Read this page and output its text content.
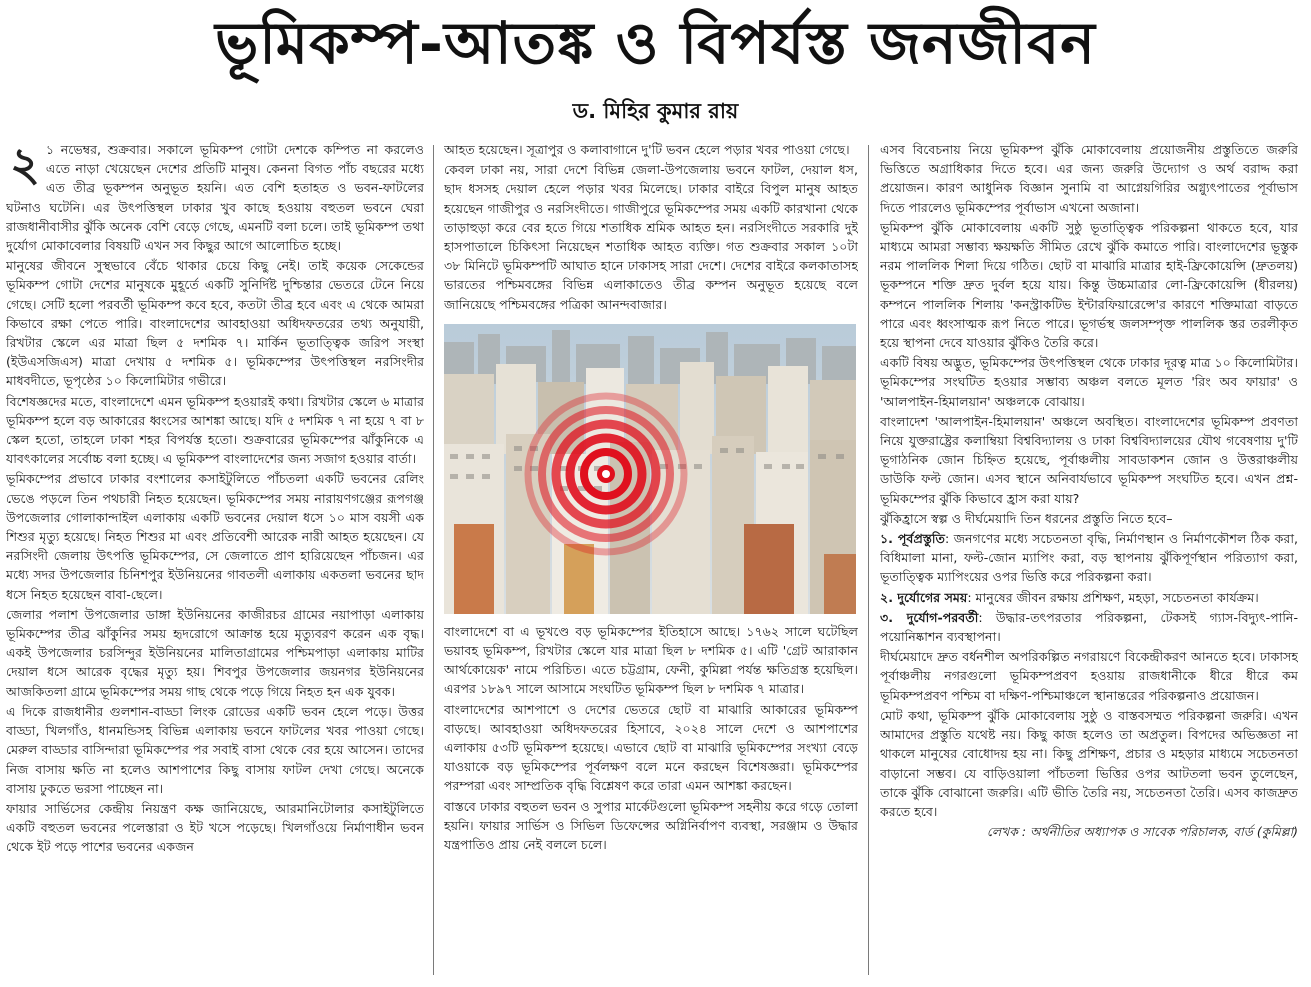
ভূমিকম্প-আতঙ্ক ও বিপর্যস্ত জনজীবন
ড. মিহির কুমার রায়

২ ১ নভেম্বর, শুক্রবার। সকালে ভূমিকম্প গোটা দেশকে কম্পিত না করলেও এতে নাড়া খেয়েছেন দেশের প্রতিটি মানুষ। কেননা বিগত পাঁচ বছরের মধ্যে এত তীব্র ভূকম্পন অনুভূত হয়নি। এত বেশি হতাহত ও ভবন-ফাটলের ঘটনাও ঘটেনি। এর উৎপত্তিস্থল ঢাকার খুব কাছে হওয়ায় বহুতল ভবনে ঘেরা রাজধানীবাসীর ঝুঁকি অনেক বেশি বেড়ে গেছে, এমনটি বলা চলে। তাই ভূমিকম্প তথা দুর্যোগ মোকাবেলার বিষয়টি এখন সব কিছুর আগে আলোচিত হচ্ছে।

মানুষের জীবনে সুস্থভাবে বেঁচে থাকার চেয়ে কিছু নেই। তাই কয়েক সেকেন্ডের ভূমিকম্প গোটা দেশের মানুষকে মুহূর্তে একটি সুনির্দিষ্ট দুশ্চিন্তার ভেতরে টেনে নিয়ে গেছে। সেটি হলো পরবর্তী ভূমিকম্প কবে হবে, কতটা তীব্র হবে এবং এ থেকে আমরা কিভাবে রক্ষা পেতে পারি। বাংলাদেশের আবহাওয়া অধিদফতরের তথ্য অনুযায়ী, রিখটার স্কেলে এর মাত্রা ছিল ৫ দশমিক ৭। মার্কিন ভূতাত্ত্বিক জরিপ সংস্থা (ইউএসজিএস) মাত্রা দেখায় ৫ দশমিক ৫। ভূমিকম্পের উৎপত্তিস্থল নরসিংদীর মাধবদীতে, ভূপৃষ্ঠের ১০ কিলোমিটার গভীরে।

বিশেষজ্ঞদের মতে, বাংলাদেশে এমন ভূমিকম্প হওয়ারই কথা। রিখটার স্কেলে ৬ মাত্রার ভূমিকম্প হলে বড় আকারের ধ্বংসের আশঙ্কা আছে। যদি ৫ দশমিক ৭ না হয়ে ৭ বা ৮ স্কেল হতো, তাহলে ঢাকা শহর বিপর্যস্ত হতো। শুক্রবারের ভূমিকম্পের ঝাঁকুনিকে এ যাবৎকালের সর্বোচ্চ বলা হচ্ছে। এ ভূমিকম্প বাংলাদেশের জন্য সজাগ হওয়ার বার্তা।

ভূমিকম্পের প্রভাবে ঢাকার বংশালের কসাইটুলিতে পাঁচতলা একটি ভবনের রেলিং ভেঙে পড়লে তিন পথচারী নিহত হয়েছেন। ভূমিকম্পের সময় নারায়ণগঞ্জের রূপগঞ্জ উপজেলার গোলাকান্দাইল এলাকায় একটি ভবনের দেয়াল ধসে ১০ মাস বয়সী এক শিশুর মৃত্যু হয়েছে। নিহত শিশুর মা এবং প্রতিবেশী আরেক নারী আহত হয়েছেন। যে নরসিংদী জেলায় উৎপত্তি ভূমিকম্পের, সে জেলাতে প্রাণ হারিয়েছেন পাঁচজন। এর মধ্যে সদর উপজেলার চিনিশপুর ইউনিয়নের গাবতলী এলাকায় একতলা ভবনের ছাদ ধসে নিহত হয়েছেন বাবা-ছেলে।

জেলার পলাশ উপজেলার ডাঙ্গা ইউনিয়নের কাজীরচর গ্রামের নয়াপাড়া এলাকায় ভূমিকম্পের তীব্র ঝাঁকুনির সময় হৃদরোগে আক্রান্ত হয়ে মৃত্যুবরণ করেন এক বৃদ্ধ। একই উপজেলার চরসিন্দুর ইউনিয়নের মালিতাগ্রামের পশ্চিমপাড়া এলাকায় মাটির দেয়াল ধসে আরেক বৃদ্ধের মৃত্যু হয়। শিবপুর উপজেলার জয়নগর ইউনিয়নের আজকিতলা গ্রামে ভূমিকম্পের সময় গাছ থেকে পড়ে গিয়ে নিহত হন এক যুবক।

এ দিকে রাজধানীর গুলশান-বাড্ডা লিংক রোডের একটি ভবন হেলে পড়ে। উত্তর বাড্ডা, খিলগাঁও, ধানমন্ডিসহ বিভিন্ন এলাকায় ভবনে ফাটলের খবর পাওয়া গেছে। মেরুল বাড্ডার বাসিন্দারা ভূমিকম্পের পর সবাই বাসা থেকে বের হয়ে আসেন। তাদের নিজ বাসায় ক্ষতি না হলেও আশপাশের কিছু বাসায় ফাটল দেখা গেছে। অনেকে বাসায় ঢুকতে ভরসা পাচ্ছেন না।

ফায়ার সার্ভিসের কেন্দ্রীয় নিয়ন্ত্রণ কক্ষ জানিয়েছে, আরমানিটোলার কসাইটুলিতে একটি বহুতল ভবনের পলেস্তারা ও ইট খসে পড়েছে। খিলগাঁওয়ে নির্মাণাধীন ভবন থেকে ইট পড়ে পাশের ভবনের একজন

আহত হয়েছেন। সূত্রাপুর ও কলাবাগানে দু'টি ভবন হেলে পড়ার খবর পাওয়া গেছে।

কেবল ঢাকা নয়, সারা দেশে বিভিন্ন জেলা-উপজেলায় ভবনে ফাটল, দেয়াল ধস, ছাদ ধসসহ দেয়াল হেলে পড়ার খবর মিলেছে। ঢাকার বাইরে বিপুল মানুষ আহত হয়েছেন গাজীপুর ও নরসিংদীতে। গাজীপুরে ভূমিকম্পের সময় একটি কারখানা থেকে তাড়াহুড়া করে বের হতে গিয়ে শতাধিক শ্রমিক আহত হন। নরসিংদীতে সরকারি দুই হাসপাতালে চিকিৎসা নিয়েছেন শতাধিক আহত ব্যক্তি। গত শুক্রবার সকাল ১০টা ৩৮ মিনিটে ভূমিকম্পটি আঘাত হানে ঢাকাসহ সারা দেশে। দেশের বাইরে কলকাতাসহ ভারতের পশ্চিমবঙ্গের বিভিন্ন এলাকাতেও তীব্র কম্পন অনুভূত হয়েছে বলে জানিয়েছে পশ্চিমবঙ্গের পত্রিকা আনন্দবাজার।

বাংলাদেশে বা এ ভূখণ্ডে বড় ভূমিকম্পের ইতিহাসে আছে। ১৭৬২ সালে ঘটেছিল ভয়াবহ ভূমিকম্প, রিখটার স্কেলে যার মাত্রা ছিল ৮ দশমিক ৫। এটি 'গ্রেট আরাকান আর্থকোয়েক' নামে পরিচিত। এতে চট্টগ্রাম, ফেনী, কুমিল্লা পর্যন্ত ক্ষতিগ্রস্ত হয়েছিল। এরপর ১৮৯৭ সালে আসামে সংঘটিত ভূমিকম্প ছিল ৮ দশমিক ৭ মাত্রার।

বাংলাদেশের আশপাশে ও দেশের ভেতরে ছোট বা মাঝারি আকারের ভূমিকম্প বাড়ছে। আবহাওয়া অধিদফতরের হিসাবে, ২০২৪ সালে দেশে ও আশপাশের এলাকায় ৫৩টি ভূমিকম্প হয়েছে। এভাবে ছোট বা মাঝারি ভূমিকম্পের সংখ্যা বেড়ে যাওয়াকে বড় ভূমিকম্পের পূর্বলক্ষণ বলে মনে করছেন বিশেষজ্ঞরা। ভূমিকম্পের পরম্পরা এবং সাম্প্রতিক বৃদ্ধি বিশ্লেষণ করে তারা এমন আশঙ্কা করছেন।

বাস্তবে ঢাকার বহুতল ভবন ও সুপার মার্কেটগুলো ভূমিকম্প সহনীয় করে গড়ে তোলা হয়নি। ফায়ার সার্ভিস ও সিভিল ডিফেন্সের অগ্নিনির্বাপণ ব্যবস্থা, সরঞ্জাম ও উদ্ধার যন্ত্রপাতিও প্রায় নেই বললে চলে।

এসব বিবেচনায় নিয়ে ভূমিকম্প ঝুঁকি মোকাবেলায় প্রয়োজনীয় প্রস্তুতিতে জরুরি ভিত্তিতে অগ্রাধিকার দিতে হবে। এর জন্য জরুরি উদ্যোগ ও অর্থ বরাদ্দ করা প্রয়োজন। কারণ আধুনিক বিজ্ঞান সুনামি বা আগ্নেয়গিরির অগ্ন্যুৎপাতের পূর্বাভাস দিতে পারলেও ভূমিকম্পের পূর্বাভাস এখনো অজানা।

ভূমিকম্প ঝুঁকি মোকাবেলায় একটি সুষ্ঠু ভূতাত্ত্বিক পরিকল্পনা থাকতে হবে, যার মাধ্যমে আমরা সম্ভাব্য ক্ষয়ক্ষতি সীমিত রেখে ঝুঁকি কমাতে পারি। বাংলাদেশের ভূস্তুক নরম পাললিক শিলা দিয়ে গঠিত। ছোট বা মাঝারি মাত্রার হাই-ফ্রিকোয়েন্সি (দ্রুতলয়) ভূকম্পনে শক্তি দ্রুত দুর্বল হয়ে যায়। কিন্তু উচ্চমাত্রার লো-ফ্রিকোয়েন্সি (ধীরলয়) কম্পনে পাললিক শিলায় 'কনস্ট্রাকটিভ ইন্টারফিয়ারেন্সে'র কারণে শক্তিমাত্রা বাড়তে পারে এবং ধ্বংসাত্মক রূপ নিতে পারে। ভূগর্ভস্থ জলসম্পৃক্ত পাললিক স্তর তরলীকৃত হয়ে স্থাপনা দেবে যাওয়ার ঝুঁকিও তৈরি করে।

একটি বিষয় অদ্ভুত, ভূমিকম্পের উৎপত্তিস্থল থেকে ঢাকার দূরত্ব মাত্র ১০ কিলোমিটার। ভূমিকম্পের সংঘটিত হওয়ার সম্ভাব্য অঞ্চল বলতে মূলত 'রিং অব ফায়ার' ও 'আলপাইন-হিমালয়ান' অঞ্চলকে বোঝায়।

বাংলাদেশ 'আলপাইন-হিমালয়ান' অঞ্চলে অবস্থিত। বাংলাদেশের ভূমিকম্প প্রবণতা নিয়ে যুক্তরাষ্ট্রের কলাম্বিয়া বিশ্ববিদ্যালয় ও ঢাকা বিশ্ববিদ্যালয়ের যৌথ গবেষণায় দু'টি ভূগাঠনিক জোন চিহ্নিত হয়েছে, পূর্বাঞ্চলীয় সাবডাকশন জোন ও উত্তরাঞ্চলীয় ডাউকি ফল্ট জোন। এসব স্থানে অনিবার্যভাবে ভূমিকম্প সংঘটিত হবে। এখন প্রশ্ন- ভূমিকম্পের ঝুঁকি কিভাবে হ্রাস করা যায়?

ঝুঁকিহ্রাসে স্বল্প ও দীর্ঘমেয়াদি তিন ধরনের প্রস্তুতি নিতে হবে–

১. পূর্বপ্রস্তুতি: জনগণের মধ্যে সচেতনতা বৃদ্ধি, নির্মাণস্থান ও নির্মাণকৌশল ঠিক করা, বিধিমালা মানা, ফল্ট-জোন ম্যাপিং করা, বড় স্থাপনায় ঝুঁকিপূর্ণস্থান পরিত্যাগ করা, ভূতাত্ত্বিক ম্যাপিংয়ের ওপর ভিত্তি করে পরিকল্পনা করা।

২. দুর্যোগের সময়: মানুষের জীবন রক্ষায় প্রশিক্ষণ, মহড়া, সচেতনতা কার্যক্রম।

৩. দুর্যোগ-পরবর্তী: উদ্ধার-তৎপরতার পরিকল্পনা, টেকসই গ্যাস-বিদ্যুৎ-পানি-পয়োনিষ্কাশন ব্যবস্থাপনা।

দীর্ঘমেয়াদে দ্রুত বর্ধনশীল অপরিকল্পিত নগরায়ণে বিকেন্দ্রীকরণ আনতে হবে। ঢাকাসহ পূর্বাঞ্চলীয় নগরগুলো ভূমিকম্পপ্রবণ হওয়ায় রাজধানীকে ধীরে ধীরে কম ভূমিকম্পপ্রবণ পশ্চিম বা দক্ষিণ-পশ্চিমাঞ্চলে স্থানান্তরের পরিকল্পনাও প্রয়োজন।

মোট কথা, ভূমিকম্প ঝুঁকি মোকাবেলায় সুষ্ঠু ও বাস্তবসম্মত পরিকল্পনা জরুরি। এখন আমাদের প্রস্তুতি যথেষ্ট নয়। কিছু কাজ হলেও তা অপ্রতুল। বিপদের অভিজ্ঞতা না থাকলে মানুষের বোধোদয় হয় না। কিছু প্রশিক্ষণ, প্রচার ও মহড়ার মাধ্যমে সচেতনতা বাড়ানো সম্ভব। যে বাড়িওয়ালা পাঁচতলা ভিত্তির ওপর আটতলা ভবন তুলেছেন, তাকে ঝুঁকি বোঝানো জরুরি। এটি ভীতি তৈরি নয়, সচেতনতা তৈরি। এসব কাজদ্রুত করতে হবে।

লেখক : অর্থনীতির অধ্যাপক ও সাবেক পরিচালক, বার্ড (কুমিল্লা)
